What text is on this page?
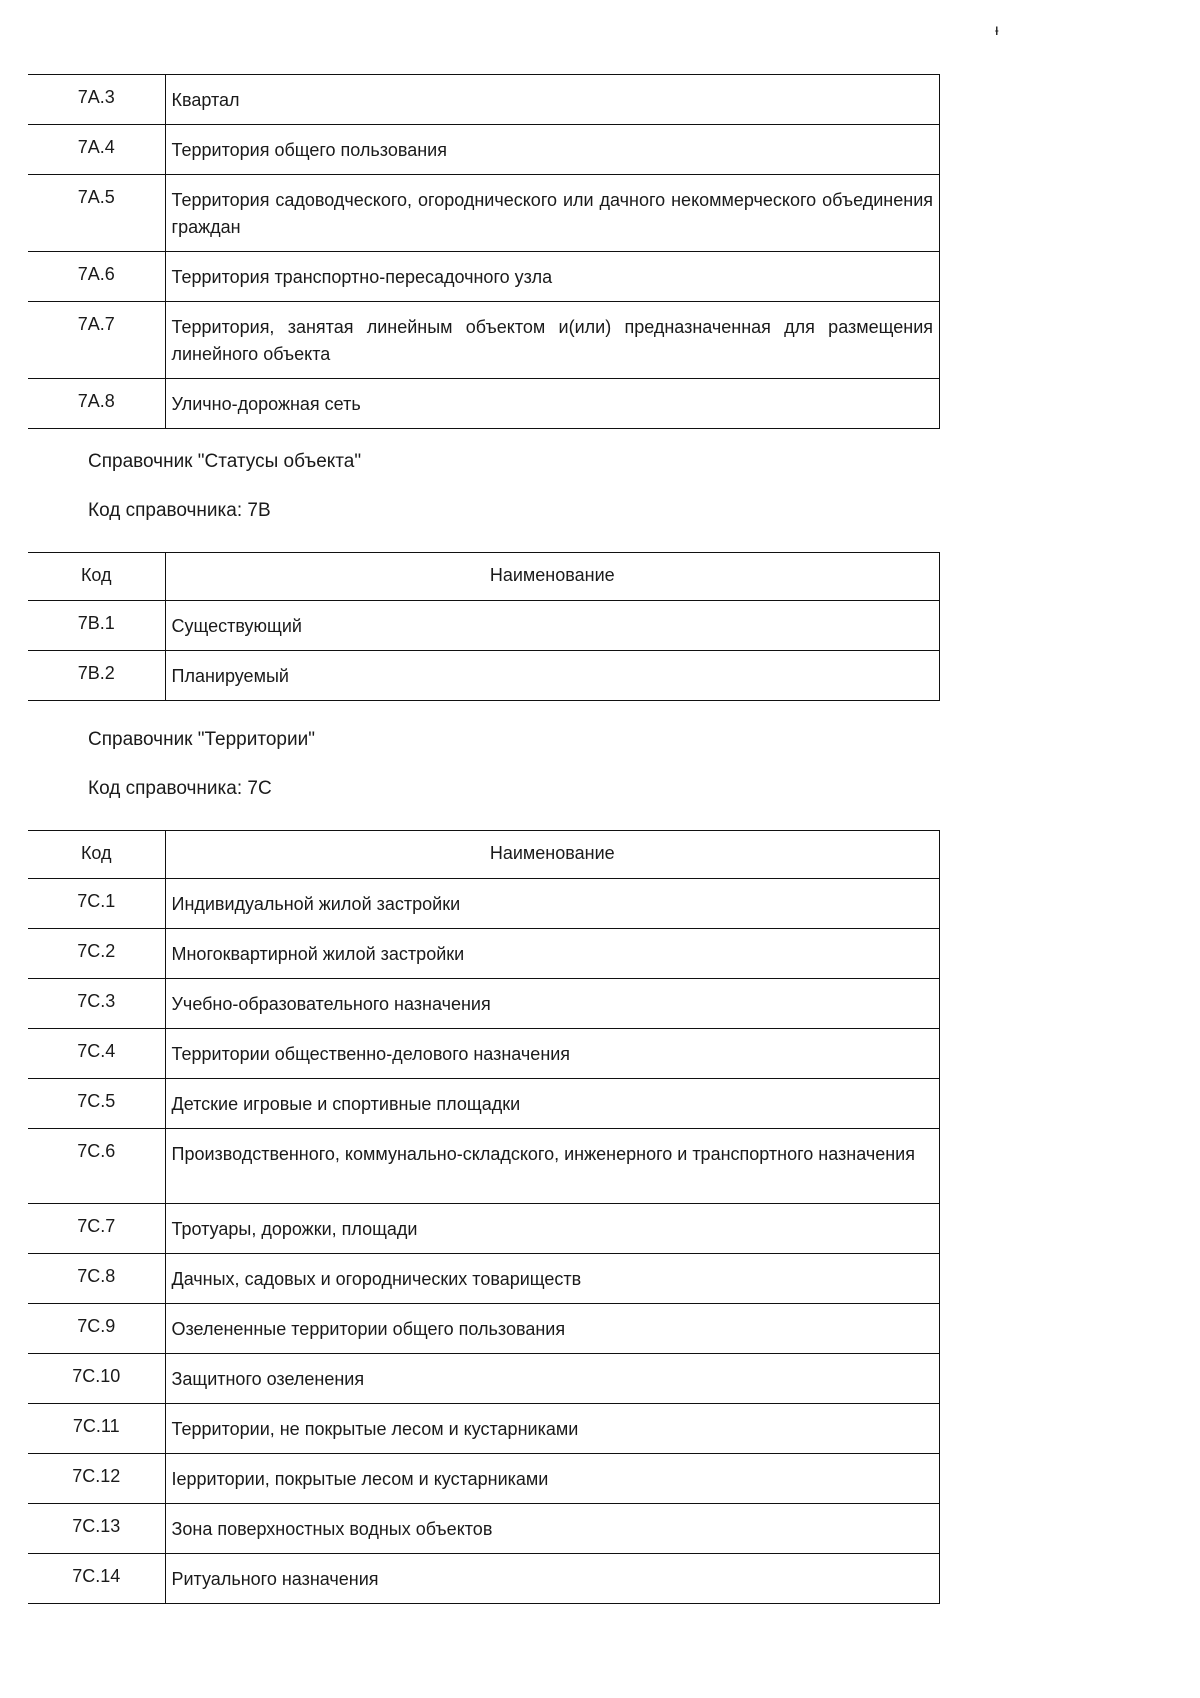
ᵼ
7А.3	Квартал
7А.4	Территория общего пользования
7А.5	Территория садоводческого, огороднического или дачного некоммерческого объединения граждан
7А.6	Территория транспортно-пересадочного узла
7А.7	Территория, занятая линейным объектом и(или) предназначенная для размещения линейного объекта
7А.8	Улично-дорожная сеть
Справочник "Статусы объекта"
Код справочника: 7В
Код	Наименование
7В.1	Существующий
7В.2	Планируемый
Справочник "Территории"
Код справочника: 7С
Код	Наименование
7С.1	Индивидуальной жилой застройки
7С.2	Многоквартирной жилой застройки
7С.3	Учебно-образовательного назначения
7С.4	Территории общественно-делового назначения
7С.5	Детские игровые и спортивные площадки
7С.6	Производственного, коммунально-складского, инженерного и транспортного назначения
7С.7	Тротуары, дорожки, площади
7С.8	Дачных, садовых и огороднических товариществ
7С.9	Озелененные территории общего пользования
7С.10	Защитного озеленения
7С.11	Территории, не покрытые лесом и кустарниками
7С.12	Iерритории, покрытые лесом и кустарниками
7С.13	Зона поверхностных водных объектов
7С.14	Ритуального назначения
